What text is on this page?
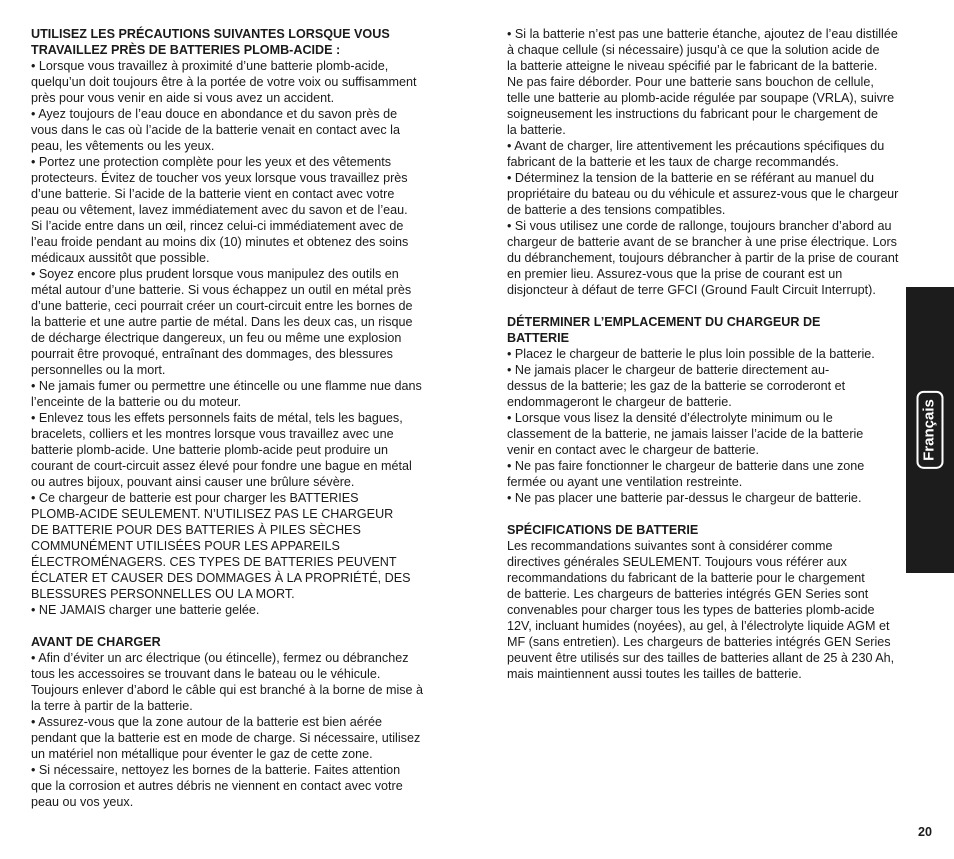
UTILISEZ LES PRÉCAUTIONS SUIVANTES LORSQUE VOUS
TRAVAILLEZ PRÈS DE BATTERIES PLOMB-ACIDE :

• Lorsque vous travaillez à proximité d’une batterie plomb-acide,
quelqu’un doit toujours être à la portée de votre voix ou suffisamment
près pour vous venir en aide si vous avez un accident.

• Ayez toujours de l’eau douce en abondance et du savon près de
vous dans le cas où l’acide de la batterie venait en contact avec la
peau, les vêtements ou les yeux.

• Portez une protection complète pour les yeux et des vêtements
protecteurs. Évitez de toucher vos yeux lorsque vous travaillez près
d’une batterie. Si l’acide de la batterie vient en contact avec votre
peau ou vêtement, lavez immédiatement avec du savon et de l’eau.
Si l’acide entre dans un œil, rincez celui-ci immédiatement avec de
l’eau froide pendant au moins dix (10) minutes et obtenez des soins
médicaux aussitôt que possible.

• Soyez encore plus prudent lorsque vous manipulez des outils en
métal autour d’une batterie. Si vous échappez un outil en métal près
d’une batterie, ceci pourrait créer un court-circuit entre les bornes de
la batterie et une autre partie de métal. Dans les deux cas, un risque
de décharge électrique dangereux, un feu ou même une explosion
pourrait être provoqué, entraînant des dommages, des blessures
personnelles ou la mort.

• Ne jamais fumer ou permettre une étincelle ou une flamme nue dans
l’enceinte de la batterie ou du moteur.

• Enlevez tous les effets personnels faits de métal, tels les bagues,
bracelets, colliers et les montres lorsque vous travaillez avec une
batterie plomb-acide. Une batterie plomb-acide peut produire un
courant de court-circuit assez élevé pour fondre une bague en métal
ou autres bijoux, pouvant ainsi causer une brûlure sévère.

• Ce chargeur de batterie est pour charger les BATTERIES
PLOMB-ACIDE SEULEMENT. N’UTILISEZ PAS LE CHARGEUR
DE BATTERIE POUR DES BATTERIES À PILES SÈCHES
COMMUNÉMENT UTILISÉES POUR LES APPAREILS
ÉLECTROMÉNAGERS. CES TYPES DE BATTERIES PEUVENT
ÉCLATER ET CAUSER DES DOMMAGES À LA PROPRIÉTÉ, DES
BLESSURES PERSONNELLES OU LA MORT.

• NE JAMAIS charger une batterie gelée.

AVANT DE CHARGER

• Afin d’éviter un arc électrique (ou étincelle), fermez ou débranchez
tous les accessoires se trouvant dans le bateau ou le véhicule.
Toujours enlever d’abord le câble qui est branché à la borne de mise à
la terre à partir de la batterie.

• Assurez-vous que la zone autour de la batterie est bien aérée
pendant que la batterie est en mode de charge. Si nécessaire, utilisez
un matériel non métallique pour éventer le gaz de cette zone.

• Si nécessaire, nettoyez les bornes de la batterie. Faites attention
que la corrosion et autres débris ne viennent en contact avec votre
peau ou vos yeux.

• Si la batterie n’est pas une batterie étanche, ajoutez de l’eau distillée
à chaque cellule (si nécessaire) jusqu’à ce que la solution acide de
la batterie atteigne le niveau spécifié par le fabricant de la batterie.
Ne pas faire déborder. Pour une batterie sans bouchon de cellule,
telle une batterie au plomb-acide régulée par soupape (VRLA), suivre
soigneusement les instructions du fabricant pour le chargement de
la batterie.

• Avant de charger, lire attentivement les précautions spécifiques du
fabricant de la batterie et les taux de charge recommandés.

• Déterminez la tension de la batterie en se référant au manuel du
propriétaire du bateau ou du véhicule et assurez-vous que le chargeur
de batterie a des tensions compatibles.

• Si vous utilisez une corde de rallonge, toujours brancher d’abord au
chargeur de batterie avant de se brancher à une prise électrique. Lors
du débranchement, toujours débrancher à partir de la prise de courant
en premier lieu. Assurez-vous que la prise de courant est un
disjoncteur à défaut de terre GFCI (Ground Fault Circuit Interrupt).

DÉTERMINER L’EMPLACEMENT DU CHARGEUR DE
BATTERIE

• Placez le chargeur de batterie le plus loin possible de la batterie.

• Ne jamais placer le chargeur de batterie directement au-
dessus de la batterie; les gaz de la batterie se corroderont et
endommageront le chargeur de batterie.

• Lorsque vous lisez la densité d’électrolyte minimum ou le
classement de la batterie, ne jamais laisser l’acide de la batterie
venir en contact avec le chargeur de batterie.

• Ne pas faire fonctionner le chargeur de batterie dans une zone
fermée ou ayant une ventilation restreinte.

• Ne pas placer une batterie par-dessus le chargeur de batterie.

SPÉCIFICATIONS DE BATTERIE

Les recommandations suivantes sont à considérer comme
directives générales SEULEMENT. Toujours vous référer aux
recommandations du fabricant de la batterie pour le chargement
de batterie. Les chargeurs de batteries intégrés GEN Series sont
convenables pour charger tous les types de batteries plomb-acide
12V, incluant humides (noyées), au gel, à l’électrolyte liquide AGM et
MF (sans entretien). Les chargeurs de batteries intégrés GEN Series
peuvent être utilisés sur des tailles de batteries allant de 25 à 230 Ah,
mais maintiennent aussi toutes les tailles de batterie.

Français
20
